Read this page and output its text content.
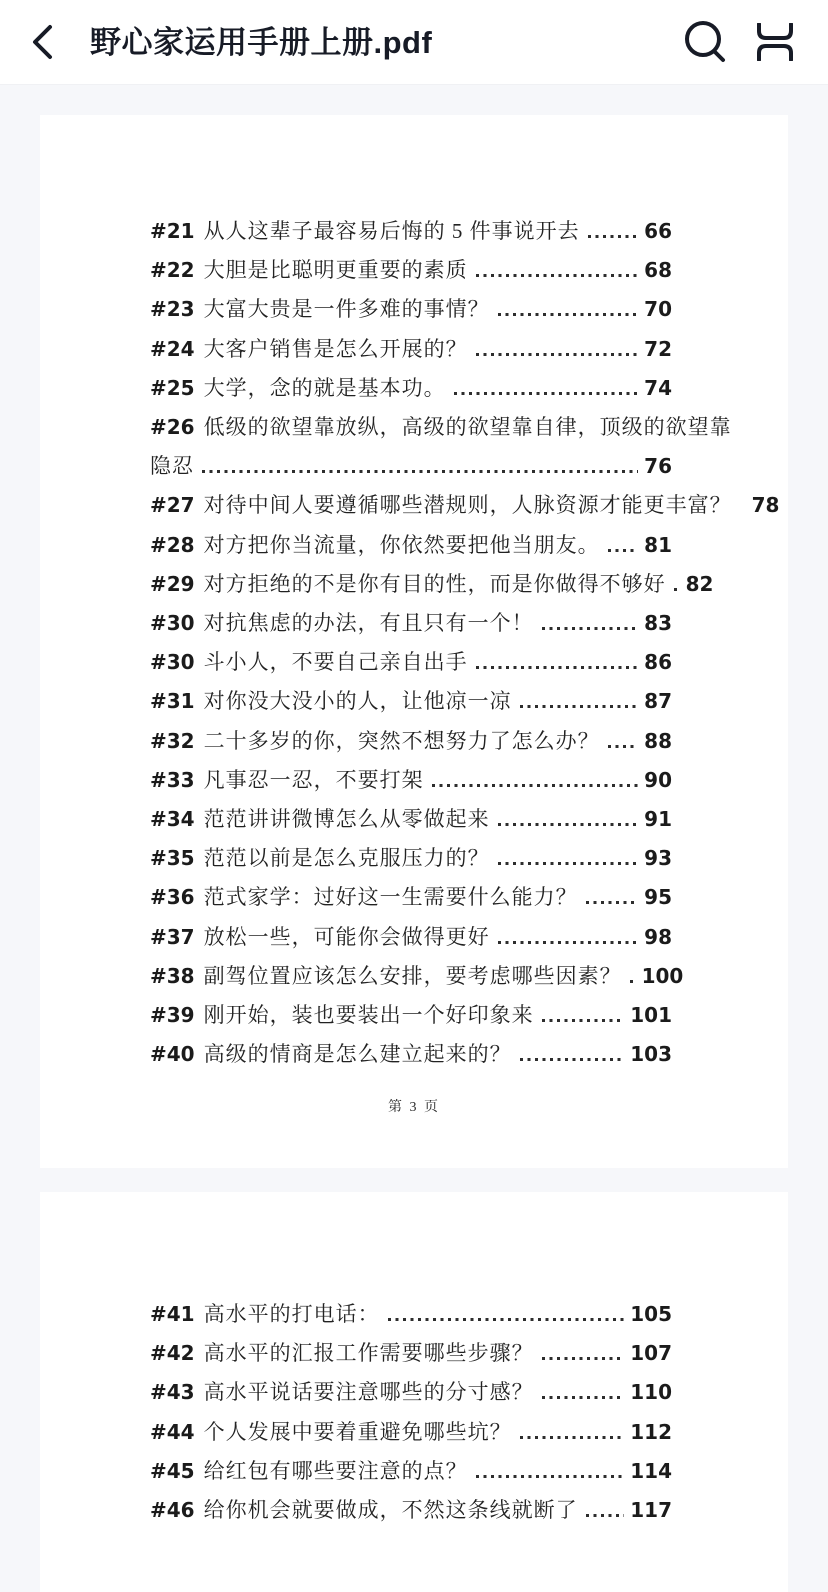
野心家运用手册上册.pdf
#21 从人这辈子最容易后悔的 5 件事说开去	66
#22 大胆是比聪明更重要的素质	68
#23 大富大贵是一件多难的事情？	70
#24 大客户销售是怎么开展的？	72
#25 大学，念的就是基本功。	74
#26 低级的欲望靠放纵，高级的欲望靠自律，顶级的欲望靠
隐忍	76
#27 对待中间人要遵循哪些潜规则，人脉资源才能更丰富？ 78
#28 对方把你当流量，你依然要把他当朋友。 81
#29 对方拒绝的不是你有目的性，而是你做得不够好 82
#30 对抗焦虑的办法，有且只有一个！	83
#30 斗小人，不要自己亲自出手	86
#31 对你没大没小的人，让他凉一凉	87
#32 二十多岁的你，突然不想努力了怎么办？ 88
#33 凡事忍一忍，不要打架	90
#34 范范讲讲微博怎么从零做起来	91
#35 范范以前是怎么克服压力的？	93
#36 范式家学：过好这一生需要什么能力？	95
#37 放松一些，可能你会做得更好	98
#38 副驾位置应该怎么安排，要考虑哪些因素？ 100
#39 刚开始，装也要装出一个好印象来	101
#40 高级的情商是怎么建立起来的？	103
第 3 页
#41 高水平的打电话：	105
#42 高水平的汇报工作需要哪些步骤？	107
#43 高水平说话要注意哪些的分寸感？	110
#44 个人发展中要着重避免哪些坑？	112
#45 给红包有哪些要注意的点？	114
#46 给你机会就要做成，不然这条线就断了	117
